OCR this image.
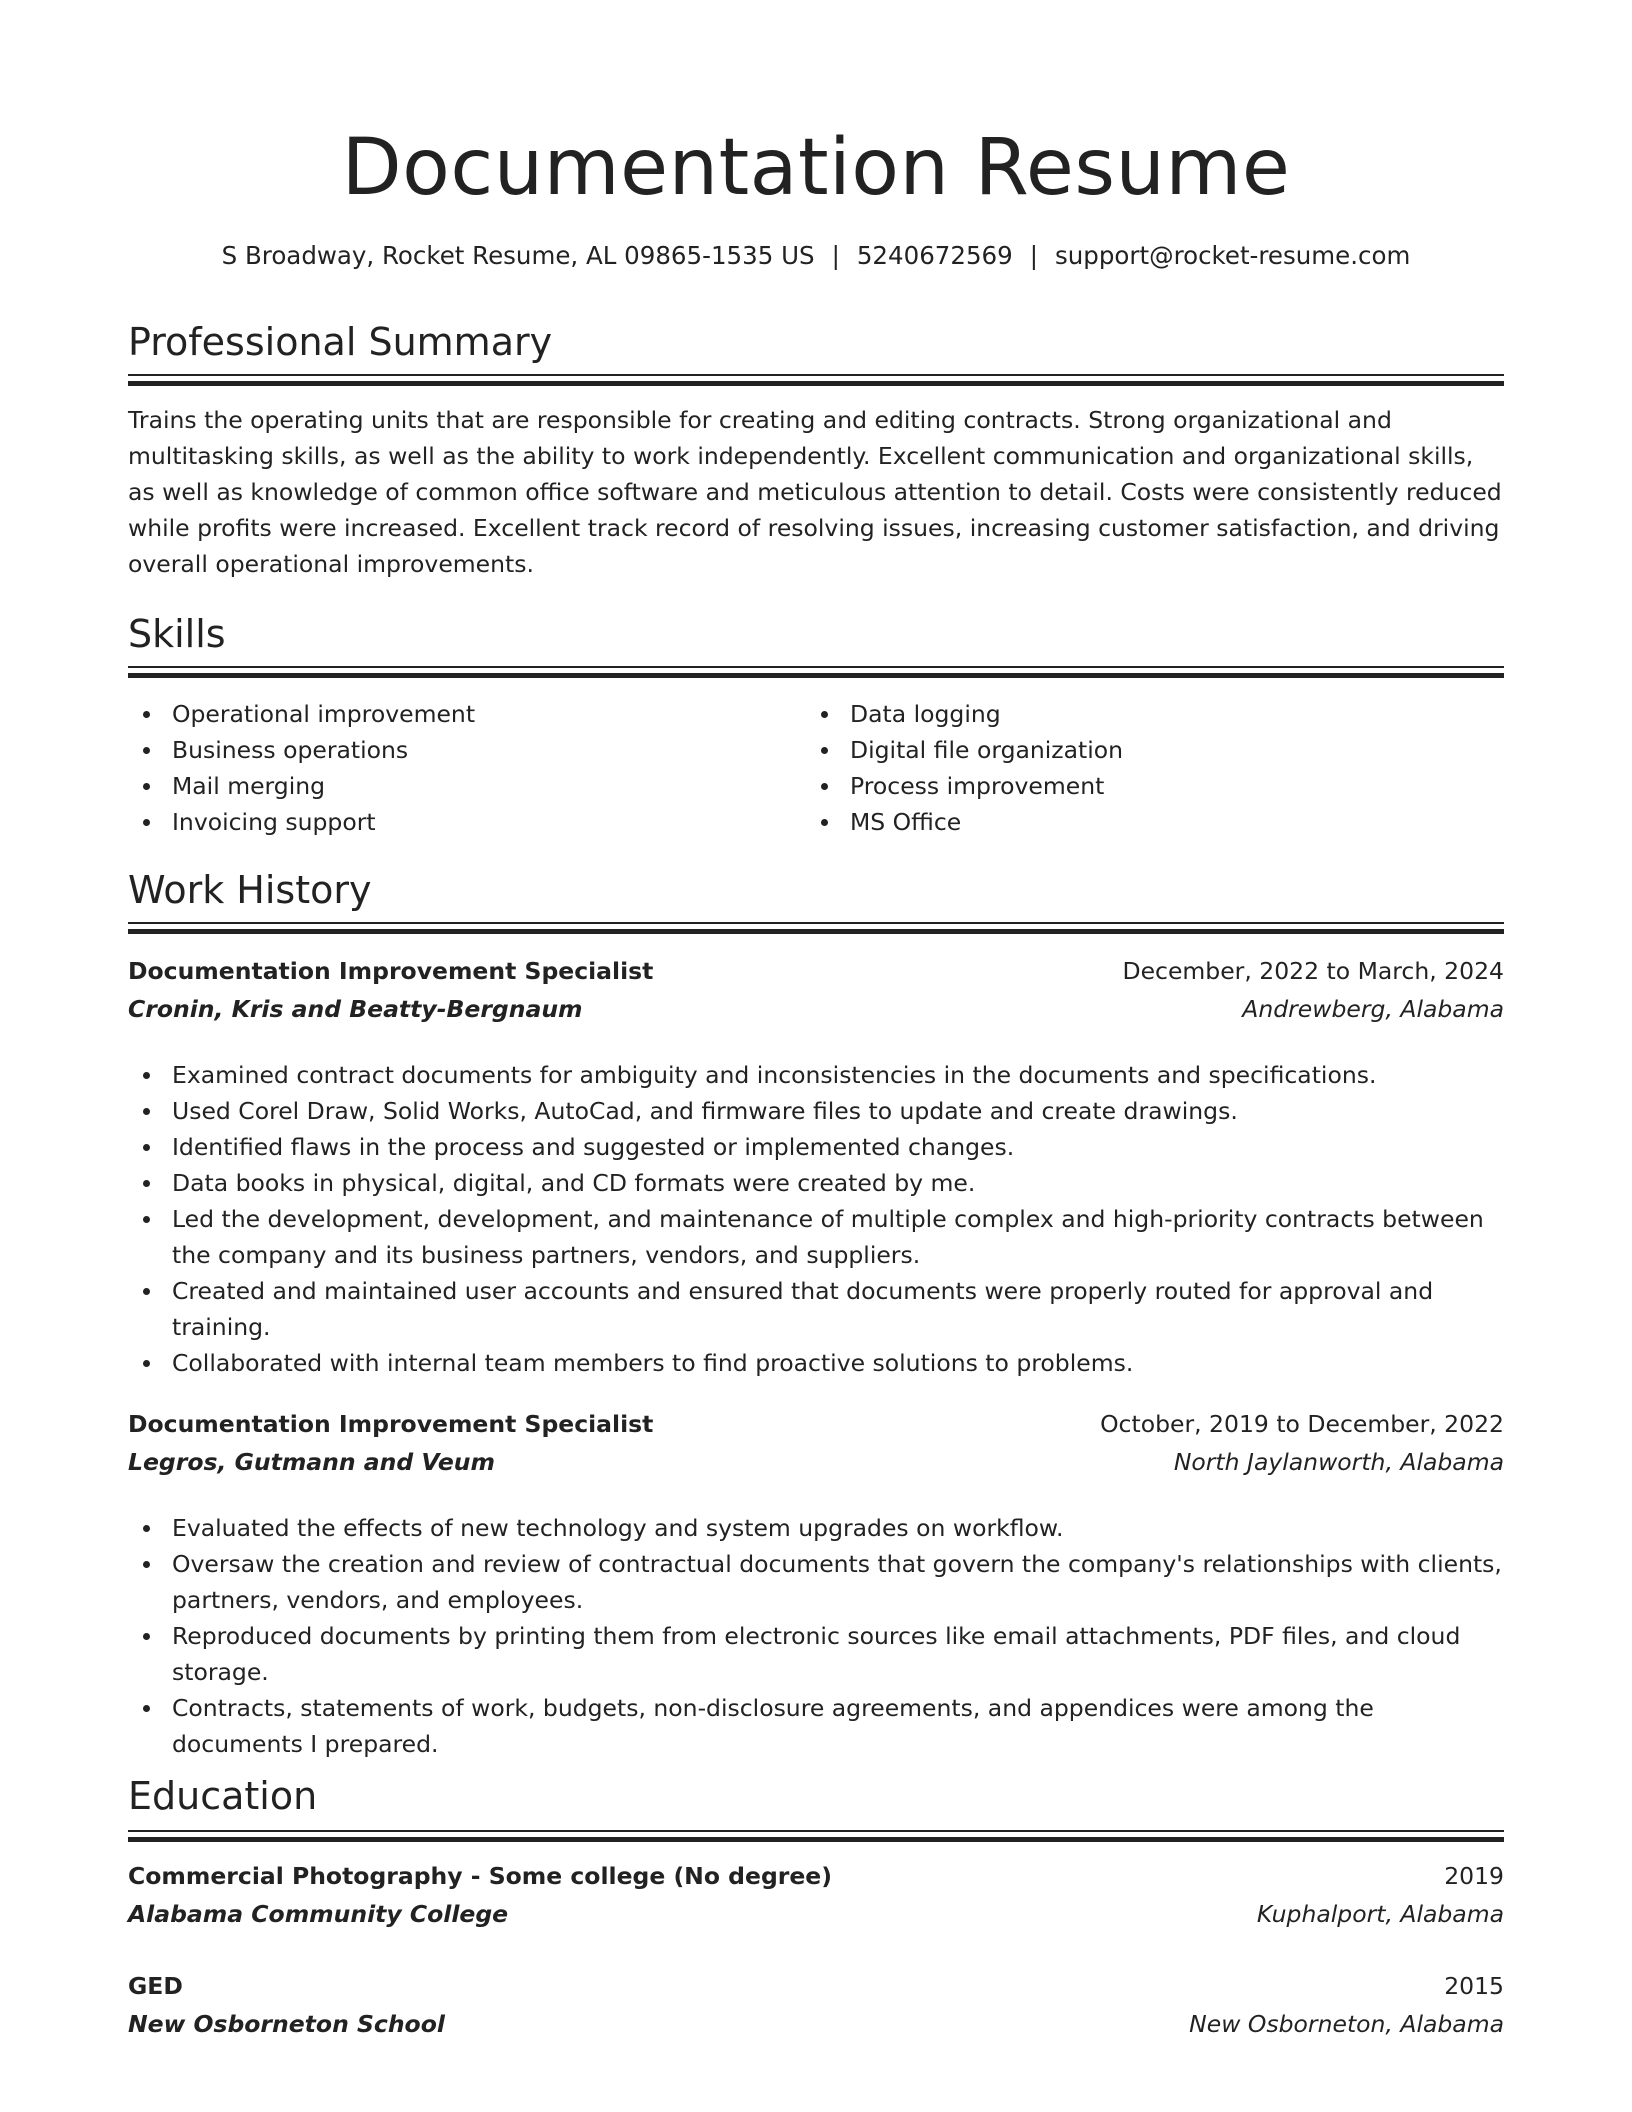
Documentation Resume
S Broadway, Rocket Resume, AL 09865-1535 US | 5240672569 | support@rocket-resume.com
Professional Summary

Trains the operating units that are responsible for creating and editing contracts. Strong organizational and multitasking skills, as well as the ability to work independently. Excellent communication and organizational skills, as well as knowledge of common office software and meticulous attention to detail. Costs were consistently reduced while profits were increased. Excellent track record of resolving issues, increasing customer satisfaction, and driving overall operational improvements.

Skills
Operational improvement
Business operations
Mail merging
Invoicing support
Data logging
Digital file organization
Process improvement
MS Office
Work History
Documentation Improvement Specialist	December, 2022 to March, 2024
Cronin, Kris and Beatty-Bergnaum	Andrewberg, Alabama
Examined contract documents for ambiguity and inconsistencies in the documents and specifications.
Used Corel Draw, Solid Works, AutoCad, and firmware files to update and create drawings.
Identified flaws in the process and suggested or implemented changes.
Data books in physical, digital, and CD formats were created by me.
Led the development, development, and maintenance of multiple complex and high-priority contracts between the company and its business partners, vendors, and suppliers.
Created and maintained user accounts and ensured that documents were properly routed for approval and training.
Collaborated with internal team members to find proactive solutions to problems.
Documentation Improvement Specialist	October, 2019 to December, 2022
Legros, Gutmann and Veum	North Jaylanworth, Alabama
Evaluated the effects of new technology and system upgrades on workflow.
Oversaw the creation and review of contractual documents that govern the company's relationships with clients, partners, vendors, and employees.
Reproduced documents by printing them from electronic sources like email attachments, PDF files, and cloud storage.
Contracts, statements of work, budgets, non-disclosure agreements, and appendices were among the documents I prepared.
Education
Commercial Photography - Some college (No degree)	2019
Alabama Community College	Kuphalport, Alabama
GED	2015
New Osborneton School	New Osborneton, Alabama
